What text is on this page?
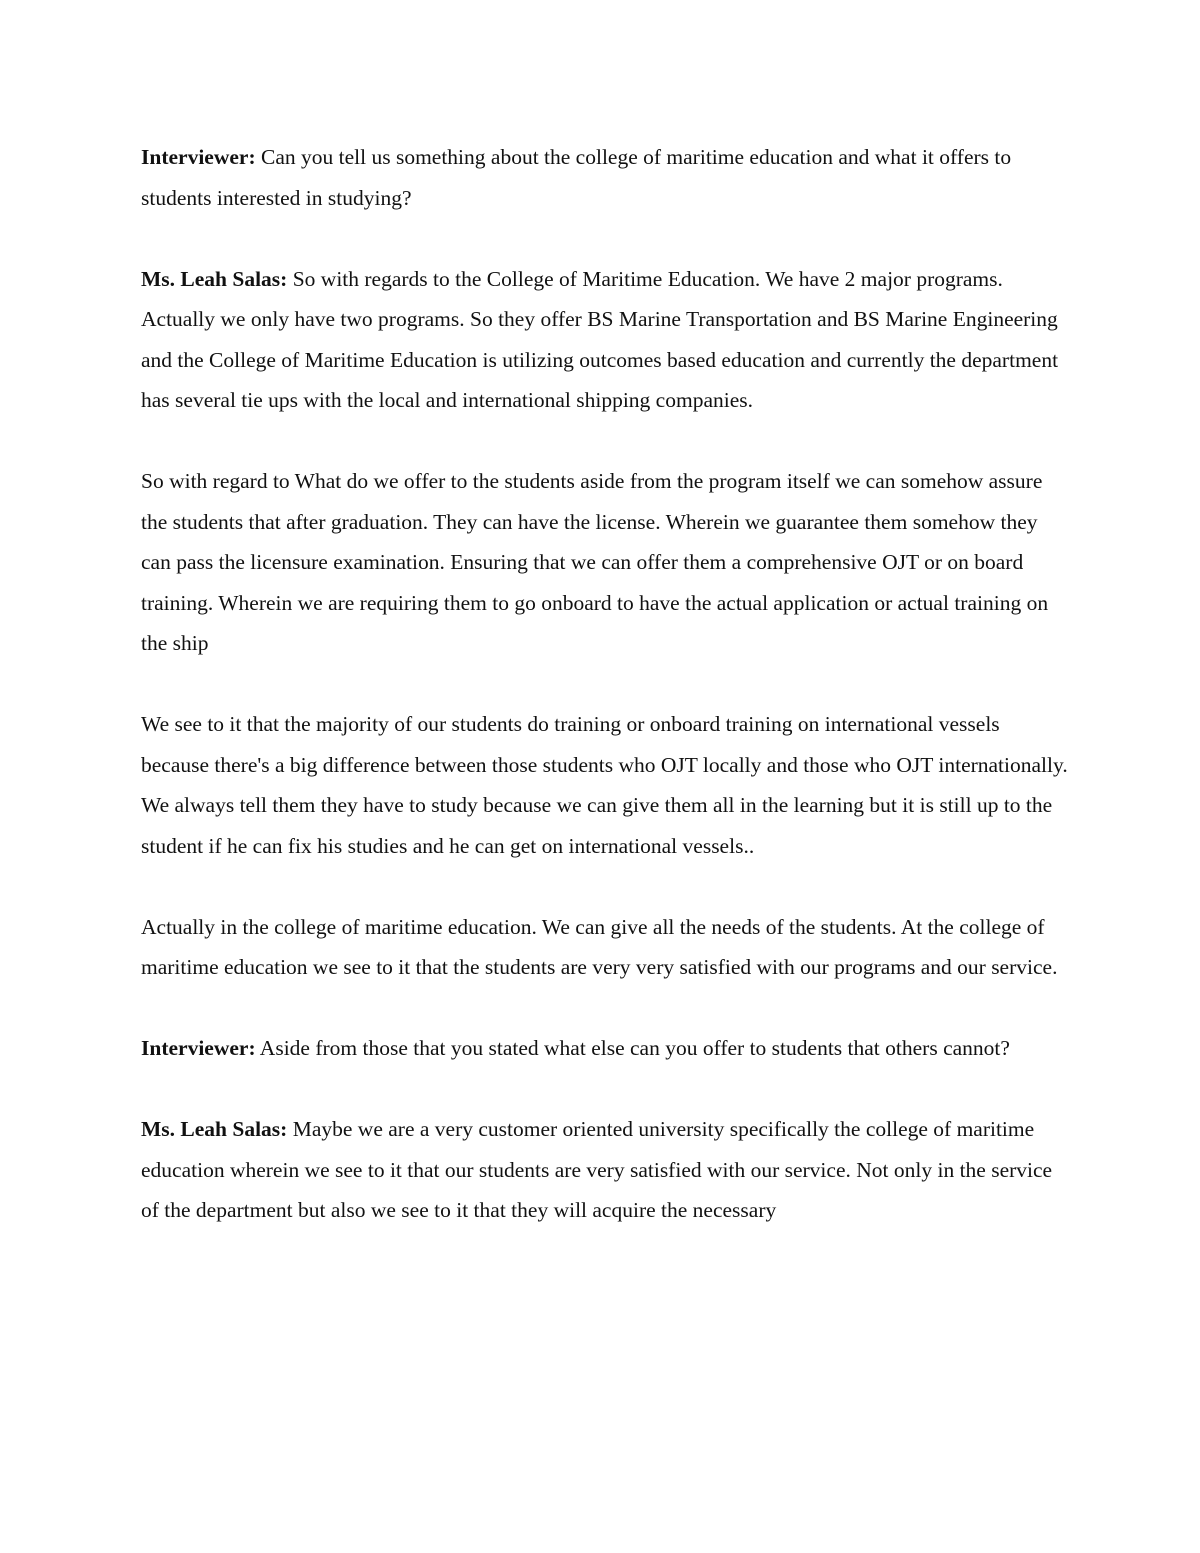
Interviewer: Can you tell us something about the college of maritime education and what it offers to students interested in studying?

Ms. Leah Salas: So with regards to the College of Maritime Education. We have 2 major programs. Actually we only have two programs. So they offer BS Marine Transportation and BS Marine Engineering and the College of Maritime Education is utilizing outcomes based education and currently the department has several tie ups with the local and international shipping companies.

So with regard to What do we offer to the students aside from the program itself we can somehow assure the students that after graduation. They can have the license. Wherein we guarantee them somehow they can pass the licensure examination. Ensuring that we can offer them a comprehensive OJT or on board training. Wherein we are requiring them to go onboard to have the actual application or actual training on the ship

We see to it that the majority of our students do training or onboard training on international vessels because there's a big difference between those students who OJT locally and those who OJT internationally. We always tell them they have to study because we can give them all in the learning but it is still up to the student if he can fix his studies and he can get on international vessels..

Actually in the college of maritime education. We can give all the needs of the students. At the college of maritime education we see to it that the students are very very satisfied with our programs and our service.

Interviewer: Aside from those that you stated what else can you offer to students that others cannot?

Ms. Leah Salas: Maybe we are a very customer oriented university specifically the college of maritime education wherein we see to it that our students are very satisfied with our service. Not only in the service of the department but also we see to it that they will acquire the necessary
